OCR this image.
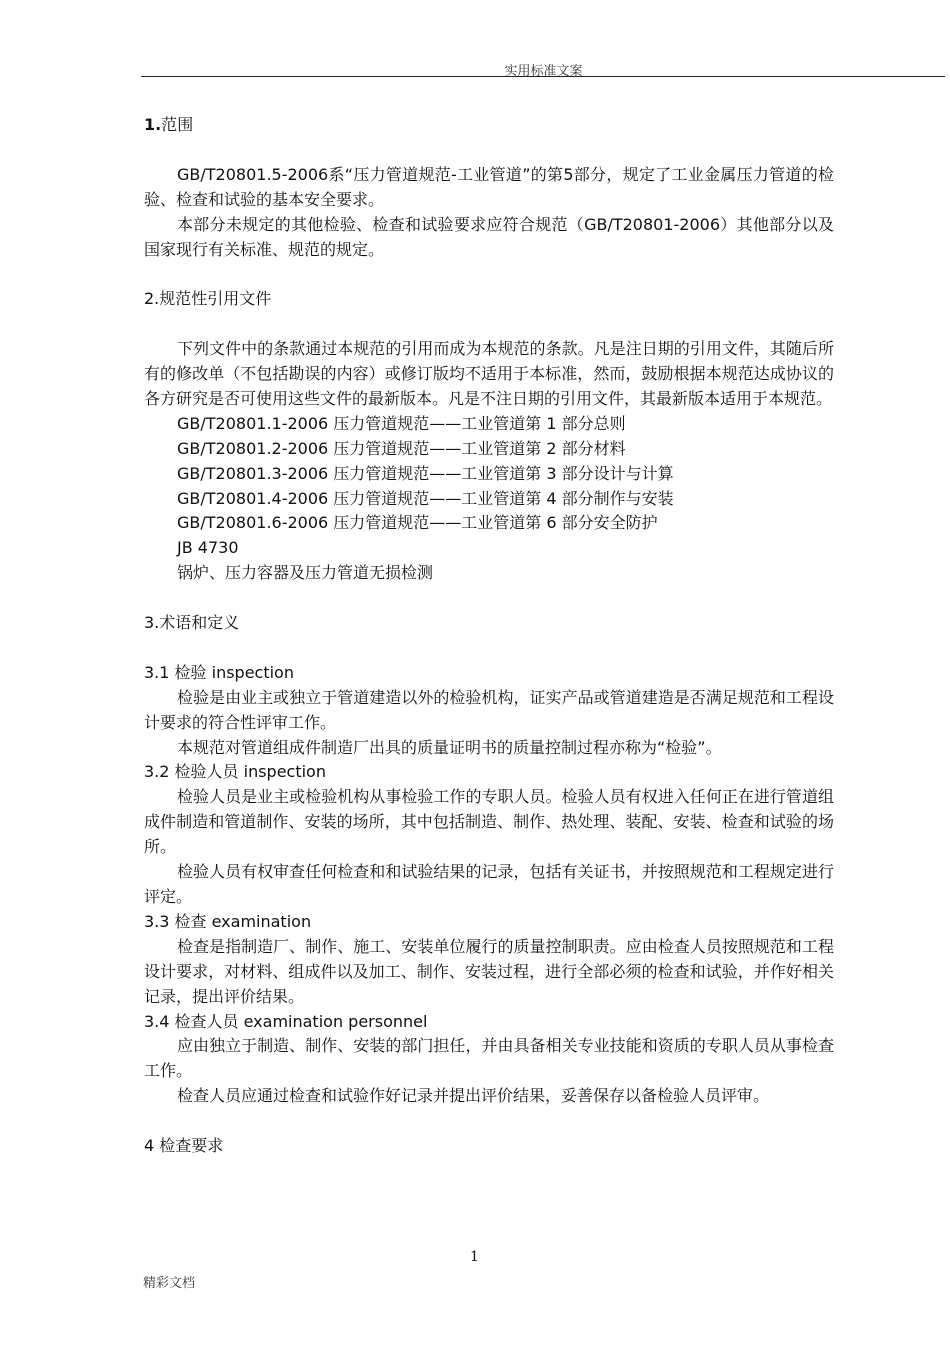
实用标准文案

1.范围

GB/T20801.5-2006系“压力管道规范-工业管道”的第5部分，规定了工业金属压力管道的检验、检查和试验的基本安全要求。

本部分未规定的其他检验、检查和试验要求应符合规范（GB/T20801-2006）其他部分以及国家现行有关标准、规范的规定。

2.规范性引用文件

下列文件中的条款通过本规范的引用而成为本规范的条款。凡是注日期的引用文件，其随后所有的修改单（不包括勘误的内容）或修订版均不适用于本标准，然而，鼓励根据本规范达成协议的各方研究是否可使用这些文件的最新版本。凡是不注日期的引用文件，其最新版本适用于本规范。

GB/T20801.1-2006 压力管道规范——工业管道第 1 部分总则

GB/T20801.2-2006 压力管道规范——工业管道第 2 部分材料

GB/T20801.3-2006 压力管道规范——工业管道第 3 部分设计与计算

GB/T20801.4-2006 压力管道规范——工业管道第 4 部分制作与安装

GB/T20801.6-2006 压力管道规范——工业管道第 6 部分安全防护

JB 4730

锅炉、压力容器及压力管道无损检测

3.术语和定义

3.1 检验 inspection

检验是由业主或独立于管道建造以外的检验机构，证实产品或管道建造是否满足规范和工程设计要求的符合性评审工作。

本规范对管道组成件制造厂出具的质量证明书的质量控制过程亦称为“检验”。

3.2 检验人员 inspection

检验人员是业主或检验机构从事检验工作的专职人员。检验人员有权进入任何正在进行管道组成件制造和管道制作、安装的场所，其中包括制造、制作、热处理、装配、安装、检查和试验的场所。

检验人员有权审查任何检查和和试验结果的记录，包括有关证书，并按照规范和工程规定进行评定。

3.3 检查 examination

检查是指制造厂、制作、施工、安装单位履行的质量控制职责。应由检查人员按照规范和工程设计要求，对材料、组成件以及加工、制作、安装过程，进行全部必须的检查和试验，并作好相关记录，提出评价结果。

3.4 检查人员 examination personnel

应由独立于制造、制作、安装的部门担任，并由具备相关专业技能和资质的专职人员从事检查工作。

检查人员应通过检查和试验作好记录并提出评价结果，妥善保存以备检验人员评审。

4 检查要求

1
精彩文档
